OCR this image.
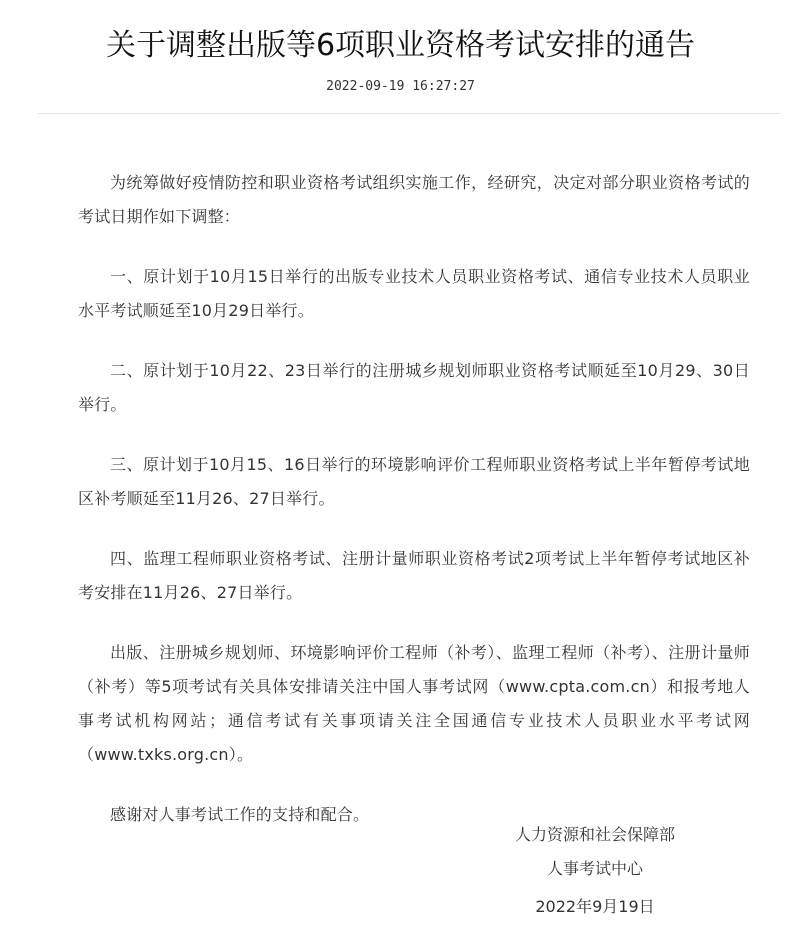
关于调整出版等6项职业资格考试安排的通告
2022-09-19 16:27:27

为统筹做好疫情防控和职业资格考试组织实施工作，经研究，决定对部分职业资格考试的考试日期作如下调整：

一、原计划于10月15日举行的出版专业技术人员职业资格考试、通信专业技术人员职业水平考试顺延至10月29日举行。

二、原计划于10月22、23日举行的注册城乡规划师职业资格考试顺延至10月29、30日举行。

三、原计划于10月15、16日举行的环境影响评价工程师职业资格考试上半年暂停考试地区补考顺延至11月26、27日举行。

四、监理工程师职业资格考试、注册计量师职业资格考试2项考试上半年暂停考试地区补考安排在11月26、27日举行。

出版、注册城乡规划师、环境影响评价工程师（补考）、监理工程师（补考）、注册计量师（补考）等5项考试有关具体安排请关注中国人事考试网（www.cpta.com.cn）和报考地人事考试机构网站；通信考试有关事项请关注全国通信专业技术人员职业水平考试网（www.txks.org.cn）。

感谢对人事考试工作的支持和配合。

人力资源和社会保障部
人事考试中心
2022年9月19日
